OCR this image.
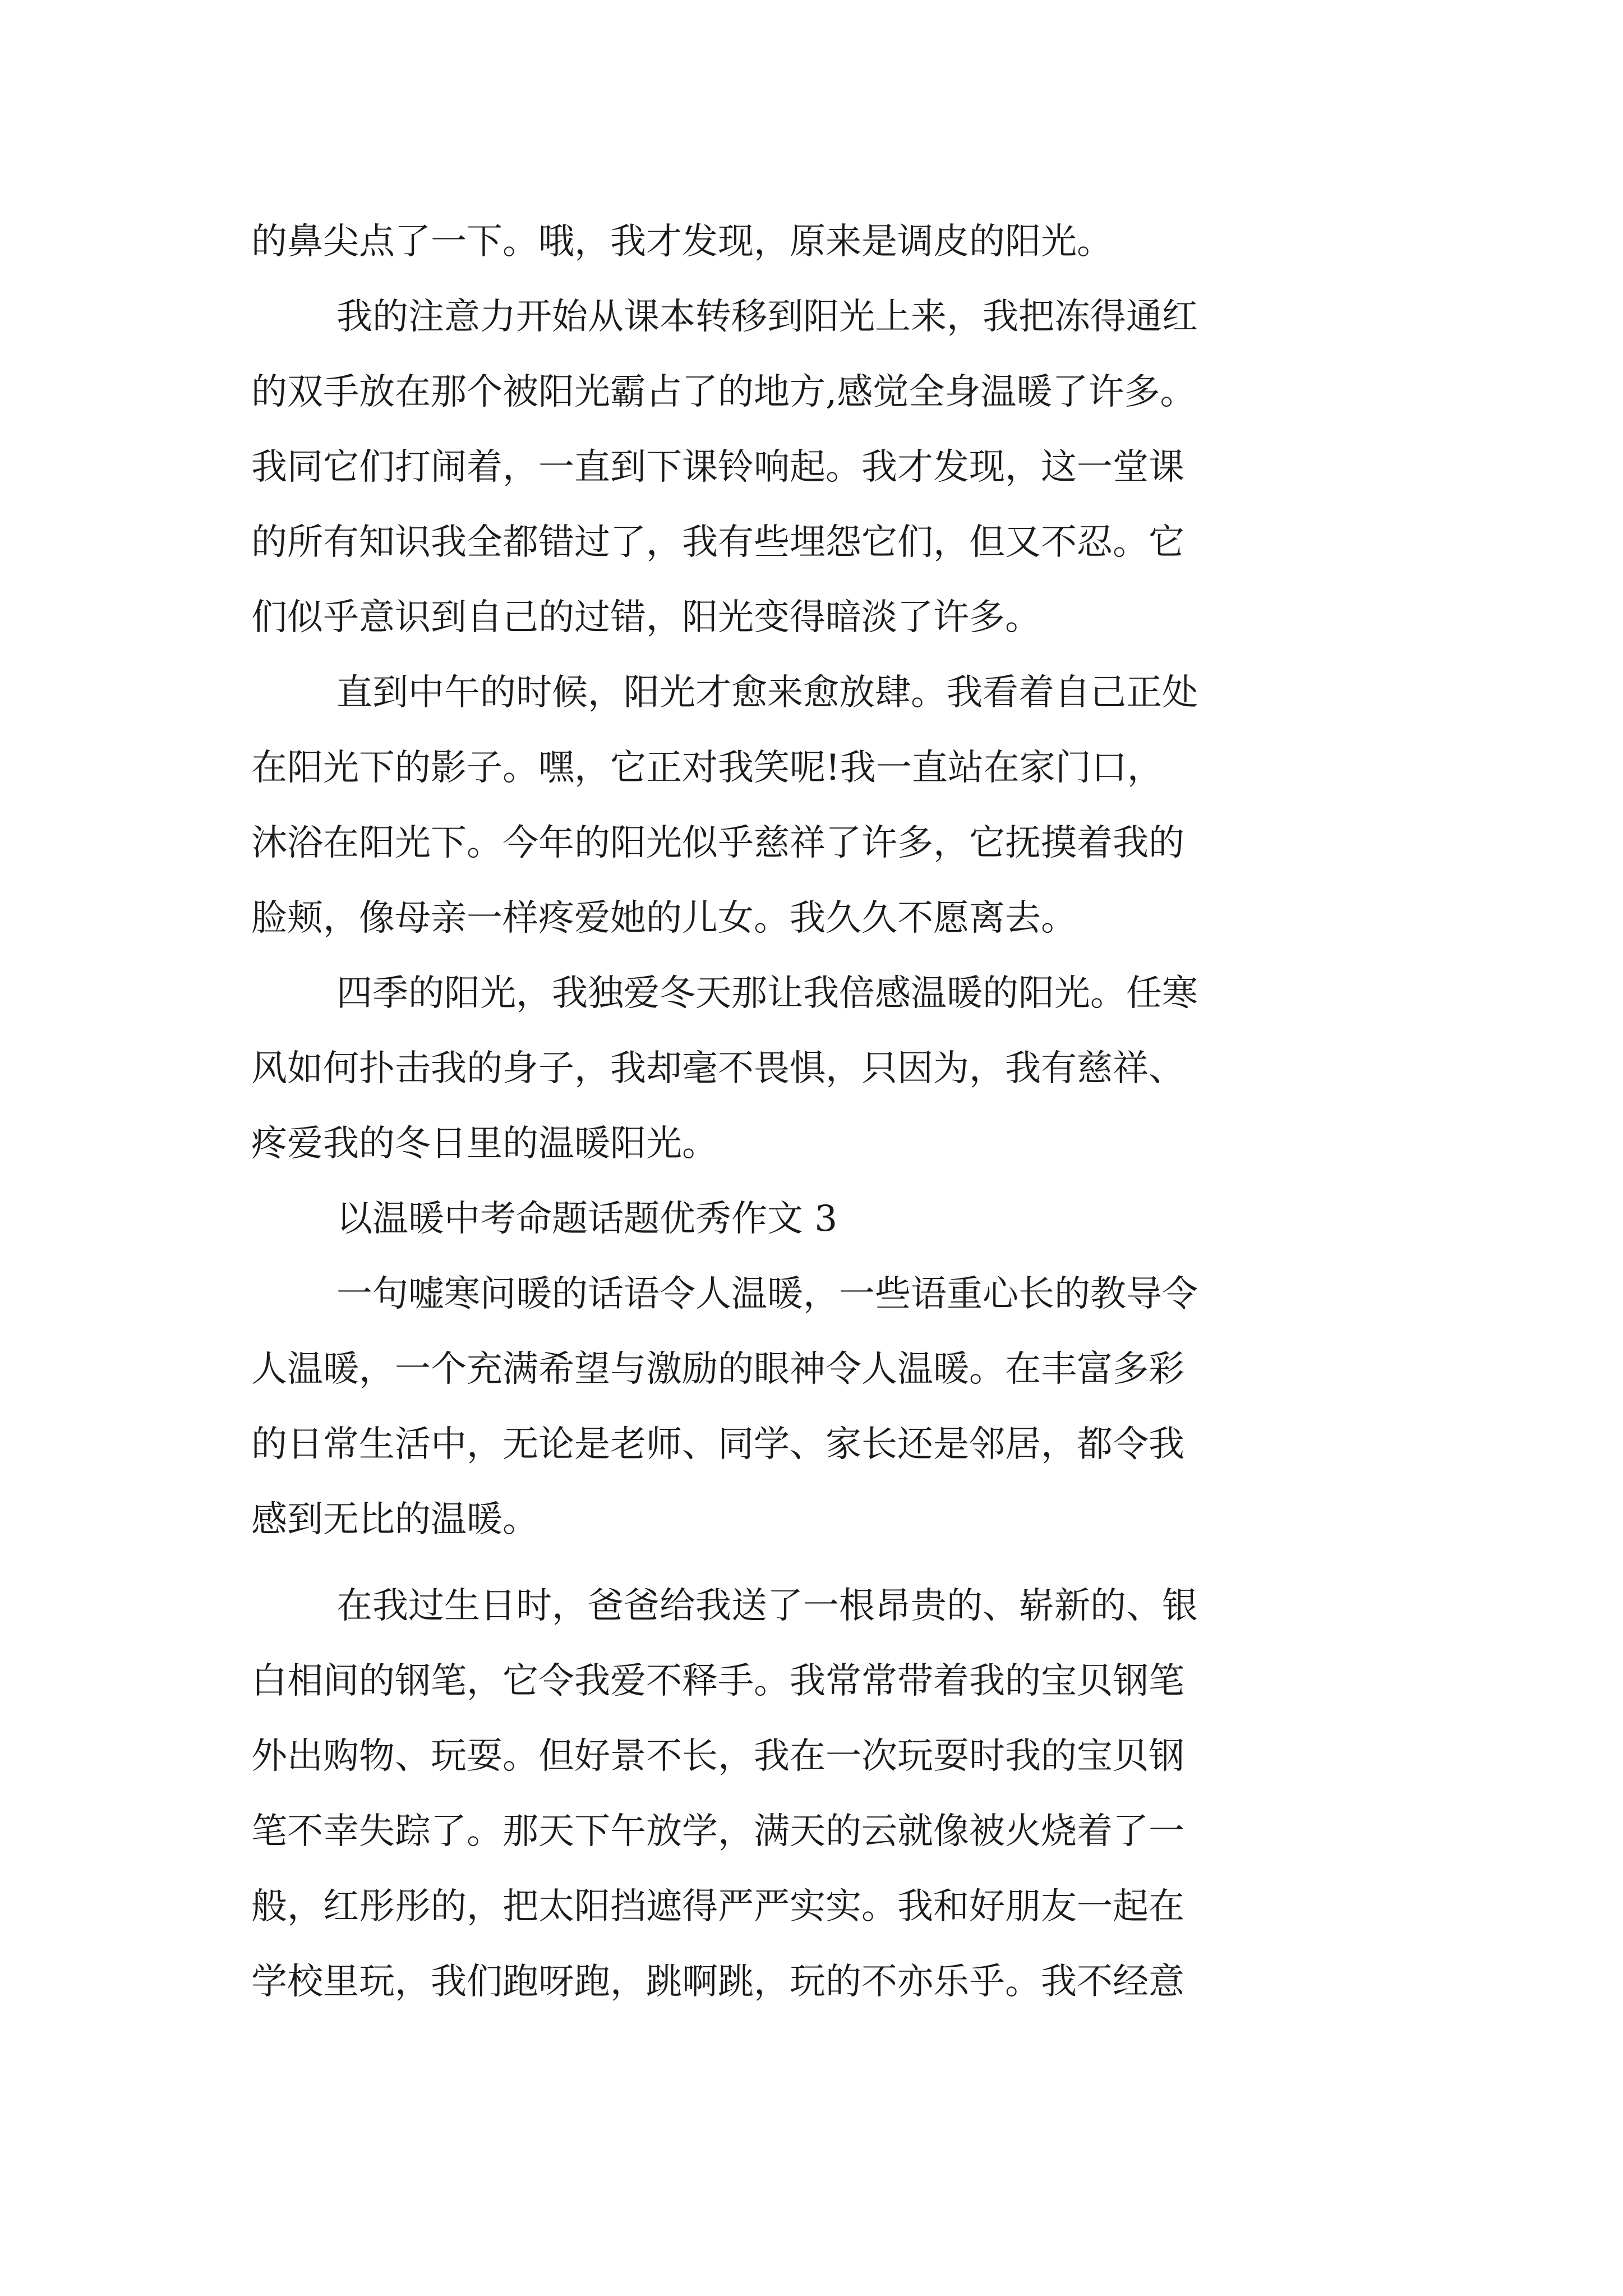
的鼻尖点了一下。哦，我才发现，原来是调皮的阳光。

我的注意力开始从课本转移到阳光上来，我把冻得通红

的双手放在那个被阳光霸占了的地方,感觉全身温暖了许多。

我同它们打闹着，一直到下课铃响起。我才发现，这一堂课

的所有知识我全都错过了，我有些埋怨它们，但又不忍。它

们似乎意识到自己的过错，阳光变得暗淡了许多。

直到中午的时候，阳光才愈来愈放肆。我看着自己正处

在阳光下的影子。嘿，它正对我笑呢!我一直站在家门口，

沐浴在阳光下。今年的阳光似乎慈祥了许多，它抚摸着我的

脸颊，像母亲一样疼爱她的儿女。我久久不愿离去。

四季的阳光，我独爱冬天那让我倍感温暖的阳光。任寒

风如何扑击我的身子，我却毫不畏惧，只因为，我有慈祥、

疼爱我的冬日里的温暖阳光。

以温暖中考命题话题优秀作文 3

一句嘘寒问暖的话语令人温暖，一些语重心长的教导令

人温暖，一个充满希望与激励的眼神令人温暖。在丰富多彩

的日常生活中，无论是老师、同学、家长还是邻居，都令我

感到无比的温暖。

在我过生日时，爸爸给我送了一根昂贵的、崭新的、银

白相间的钢笔，它令我爱不释手。我常常带着我的宝贝钢笔

外出购物、玩耍。但好景不长，我在一次玩耍时我的宝贝钢

笔不幸失踪了。那天下午放学，满天的云就像被火烧着了一

般，红彤彤的，把太阳挡遮得严严实实。我和好朋友一起在

学校里玩，我们跑呀跑，跳啊跳，玩的不亦乐乎。我不经意
